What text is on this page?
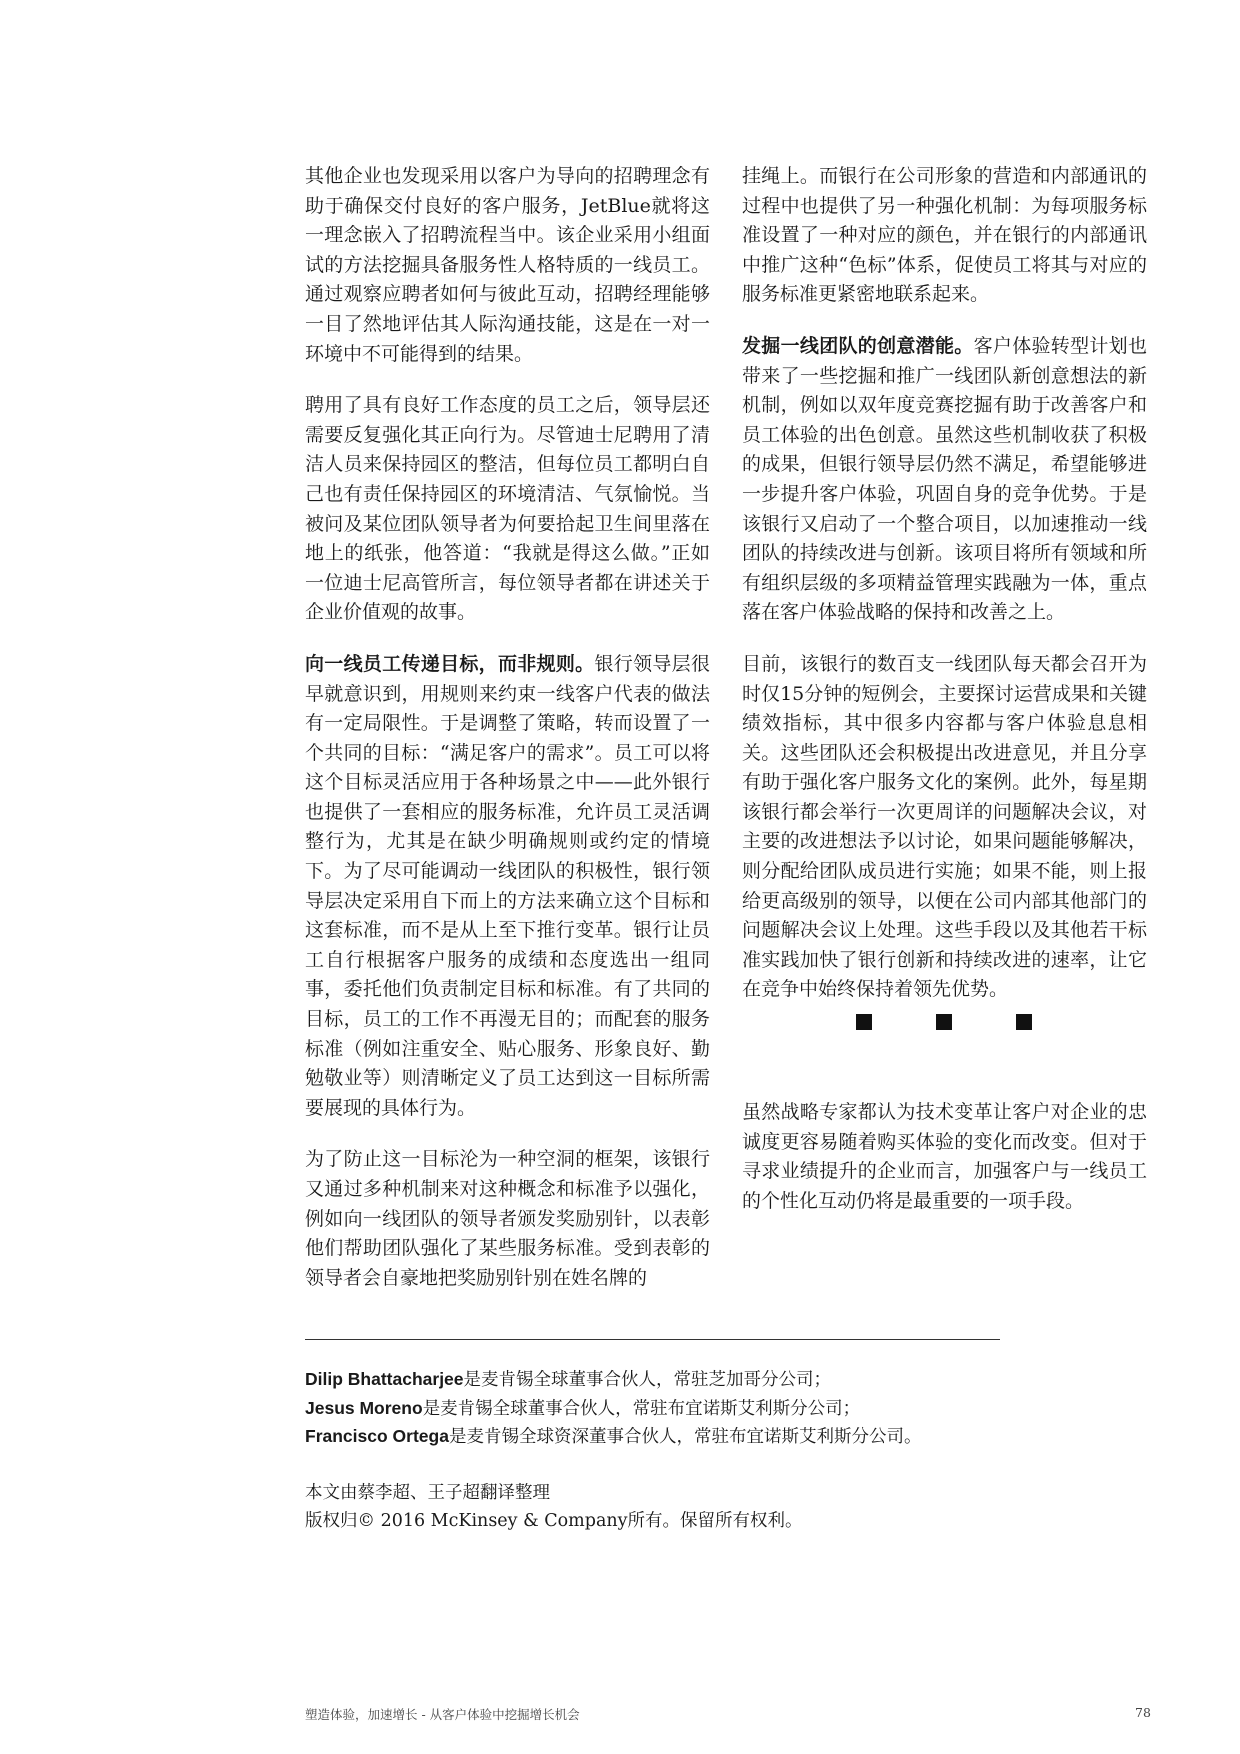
其他企业也发现采用以客户为导向的招聘理念有助于确保交付良好的客户服务，JetBlue就将这一理念嵌入了招聘流程当中。该企业采用小组面试的方法挖掘具备服务性人格特质的一线员工。通过观察应聘者如何与彼此互动，招聘经理能够一目了然地评估其人际沟通技能，这是在一对一环境中不可能得到的结果。

聘用了具有良好工作态度的员工之后，领导层还需要反复强化其正向行为。尽管迪士尼聘用了清洁人员来保持园区的整洁，但每位员工都明白自己也有责任保持园区的环境清洁、气氛愉悦。当被问及某位团队领导者为何要拾起卫生间里落在地上的纸张，他答道：“我就是得这么做。”正如一位迪士尼高管所言，每位领导者都在讲述关于企业价值观的故事。

向一线员工传递目标，而非规则。银行领导层很早就意识到，用规则来约束一线客户代表的做法有一定局限性。于是调整了策略，转而设置了一个共同的目标：“满足客户的需求”。员工可以将这个目标灵活应用于各种场景之中——此外银行也提供了一套相应的服务标准，允许员工灵活调整行为，尤其是在缺少明确规则或约定的情境下。为了尽可能调动一线团队的积极性，银行领导层决定采用自下而上的方法来确立这个目标和这套标准，而不是从上至下推行变革。银行让员工自行根据客户服务的成绩和态度选出一组同事，委托他们负责制定目标和标准。有了共同的目标，员工的工作不再漫无目的；而配套的服务标准（例如注重安全、贴心服务、形象良好、勤勉敬业等）则清晰定义了员工达到这一目标所需要展现的具体行为。

为了防止这一目标沦为一种空洞的框架，该银行又通过多种机制来对这种概念和标准予以强化，例如向一线团队的领导者颁发奖励别针，以表彰他们帮助团队强化了某些服务标准。受到表彰的领导者会自豪地把奖励别针别在姓名牌的

挂绳上。而银行在公司形象的营造和内部通讯的过程中也提供了另一种强化机制：为每项服务标准设置了一种对应的颜色，并在银行的内部通讯中推广这种“色标”体系，促使员工将其与对应的服务标准更紧密地联系起来。

发掘一线团队的创意潜能。客户体验转型计划也带来了一些挖掘和推广一线团队新创意想法的新机制，例如以双年度竞赛挖掘有助于改善客户和员工体验的出色创意。虽然这些机制收获了积极的成果，但银行领导层仍然不满足，希望能够进一步提升客户体验，巩固自身的竞争优势。于是该银行又启动了一个整合项目，以加速推动一线团队的持续改进与创新。该项目将所有领域和所有组织层级的多项精益管理实践融为一体，重点落在客户体验战略的保持和改善之上。

目前，该银行的数百支一线团队每天都会召开为时仅15分钟的短例会，主要探讨运营成果和关键绩效指标，其中很多内容都与客户体验息息相关。这些团队还会积极提出改进意见，并且分享有助于强化客户服务文化的案例。此外，每星期该银行都会举行一次更周详的问题解决会议，对主要的改进想法予以讨论，如果问题能够解决，则分配给团队成员进行实施；如果不能，则上报给更高级别的领导，以便在公司内部其他部门的问题解决会议上处理。这些手段以及其他若干标准实践加快了银行创新和持续改进的速率，让它在竞争中始终保持着领先优势。

虽然战略专家都认为技术变革让客户对企业的忠诚度更容易随着购买体验的变化而改变。但对于寻求业绩提升的企业而言，加强客户与一线员工的个性化互动仍将是最重要的一项手段。

Dilip Bhattacharjee是麦肯锡全球董事合伙人，常驻芝加哥分公司；
Jesus Moreno是麦肯锡全球董事合伙人，常驻布宜诺斯艾利斯分公司；
Francisco Ortega是麦肯锡全球资深董事合伙人，常驻布宜诺斯艾利斯分公司。
本文由蔡李超、王子超翻译整理
版权归© 2016 McKinsey & Company所有。保留所有权利。
塑造体验，加速增长 - 从客户体验中挖掘增长机会	78
